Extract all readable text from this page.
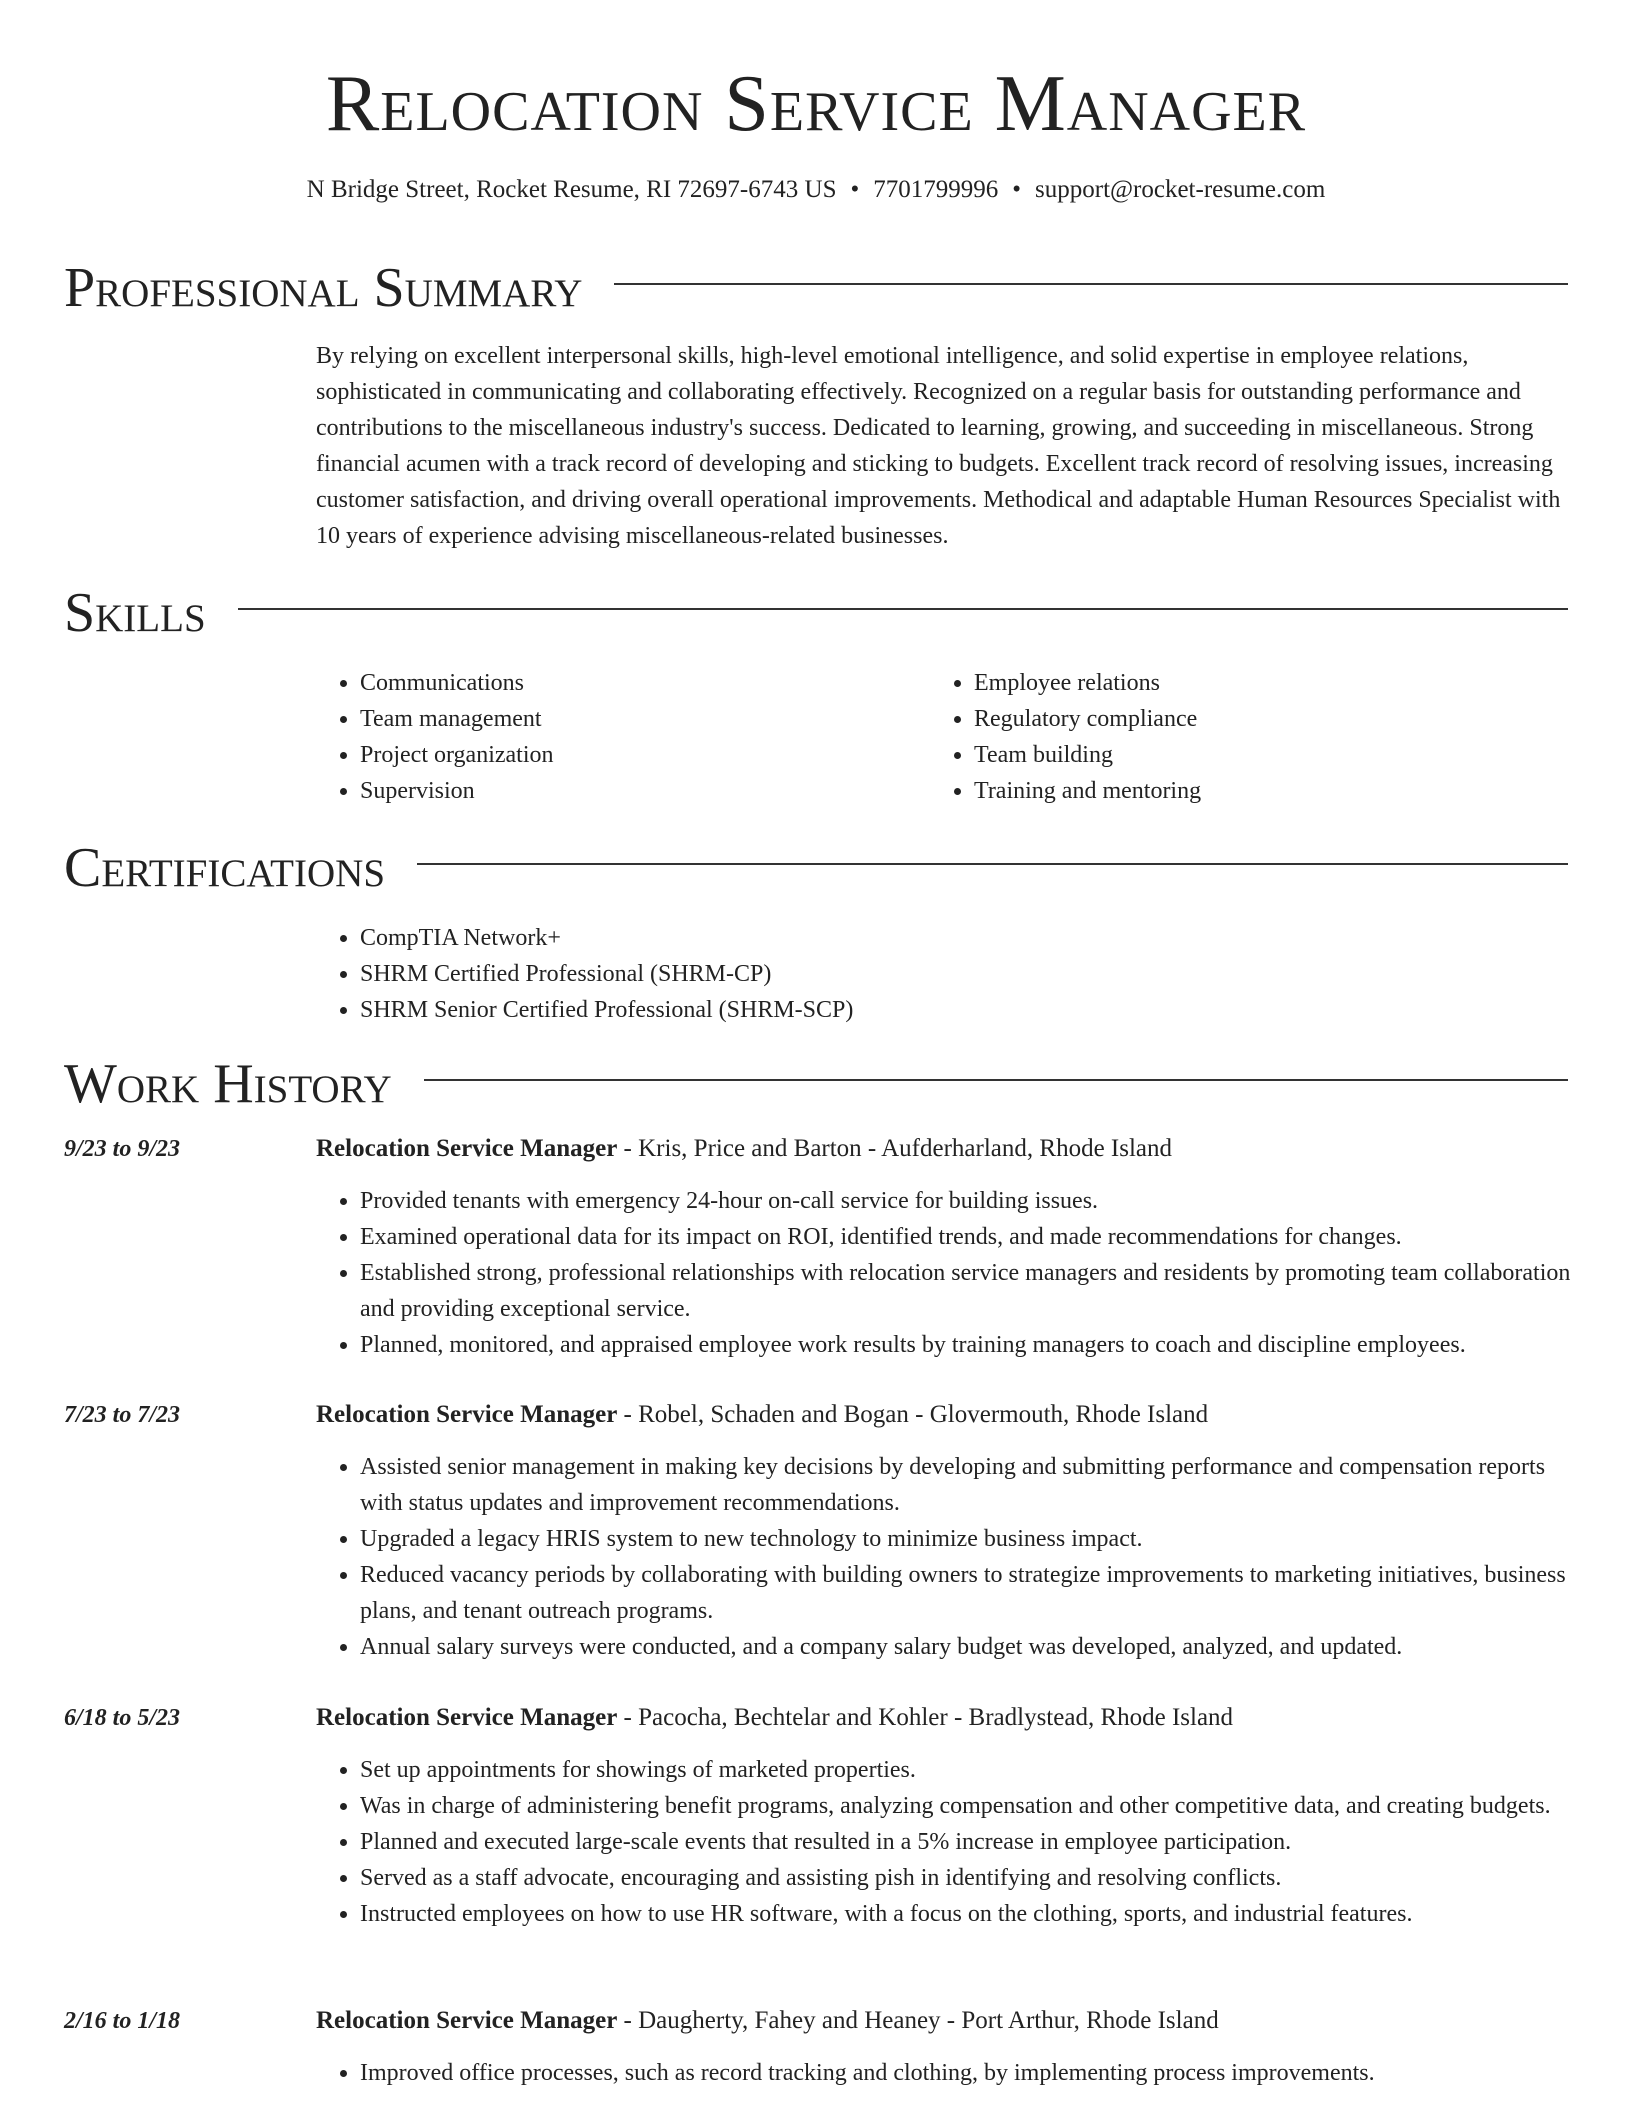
Relocation Service Manager
N Bridge Street, Rocket Resume, RI 72697-6743 US • 7701799996 • support@rocket-resume.com
Professional Summary

By relying on excellent interpersonal skills, high-level emotional intelligence, and solid expertise in employee relations, sophisticated in communicating and collaborating effectively. Recognized on a regular basis for outstanding performance and contributions to the miscellaneous industry's success. Dedicated to learning, growing, and succeeding in miscellaneous. Strong financial acumen with a track record of developing and sticking to budgets. Excellent track record of resolving issues, increasing customer satisfaction, and driving overall operational improvements. Methodical and adaptable Human Resources Specialist with 10 years of experience advising miscellaneous-related businesses.

Skills
• Communications
• Team management
• Project organization
• Supervision
• Employee relations
• Regulatory compliance
• Team building
• Training and mentoring
Certifications
• CompTIA Network+
• SHRM Certified Professional (SHRM-CP)
• SHRM Senior Certified Professional (SHRM-SCP)
Work History
9/23 to 9/23	Relocation Service Manager - Kris, Price and Barton - Aufderharland, Rhode Island
• Provided tenants with emergency 24-hour on-call service for building issues.
• Examined operational data for its impact on ROI, identified trends, and made recommendations for changes.
• Established strong, professional relationships with relocation service managers and residents by promoting team collaboration and providing exceptional service.
• Planned, monitored, and appraised employee work results by training managers to coach and discipline employees.
7/23 to 7/23	Relocation Service Manager - Robel, Schaden and Bogan - Glovermouth, Rhode Island
• Assisted senior management in making key decisions by developing and submitting performance and compensation reports with status updates and improvement recommendations.
• Upgraded a legacy HRIS system to new technology to minimize business impact.
• Reduced vacancy periods by collaborating with building owners to strategize improvements to marketing initiatives, business plans, and tenant outreach programs.
• Annual salary surveys were conducted, and a company salary budget was developed, analyzed, and updated.
6/18 to 5/23	Relocation Service Manager - Pacocha, Bechtelar and Kohler - Bradlystead, Rhode Island
• Set up appointments for showings of marketed properties.
• Was in charge of administering benefit programs, analyzing compensation and other competitive data, and creating budgets.
• Planned and executed large-scale events that resulted in a 5% increase in employee participation.
• Served as a staff advocate, encouraging and assisting pish in identifying and resolving conflicts.
• Instructed employees on how to use HR software, with a focus on the clothing, sports, and industrial features.
2/16 to 1/18	Relocation Service Manager - Daugherty, Fahey and Heaney - Port Arthur, Rhode Island
• Improved office processes, such as record tracking and clothing, by implementing process improvements.
